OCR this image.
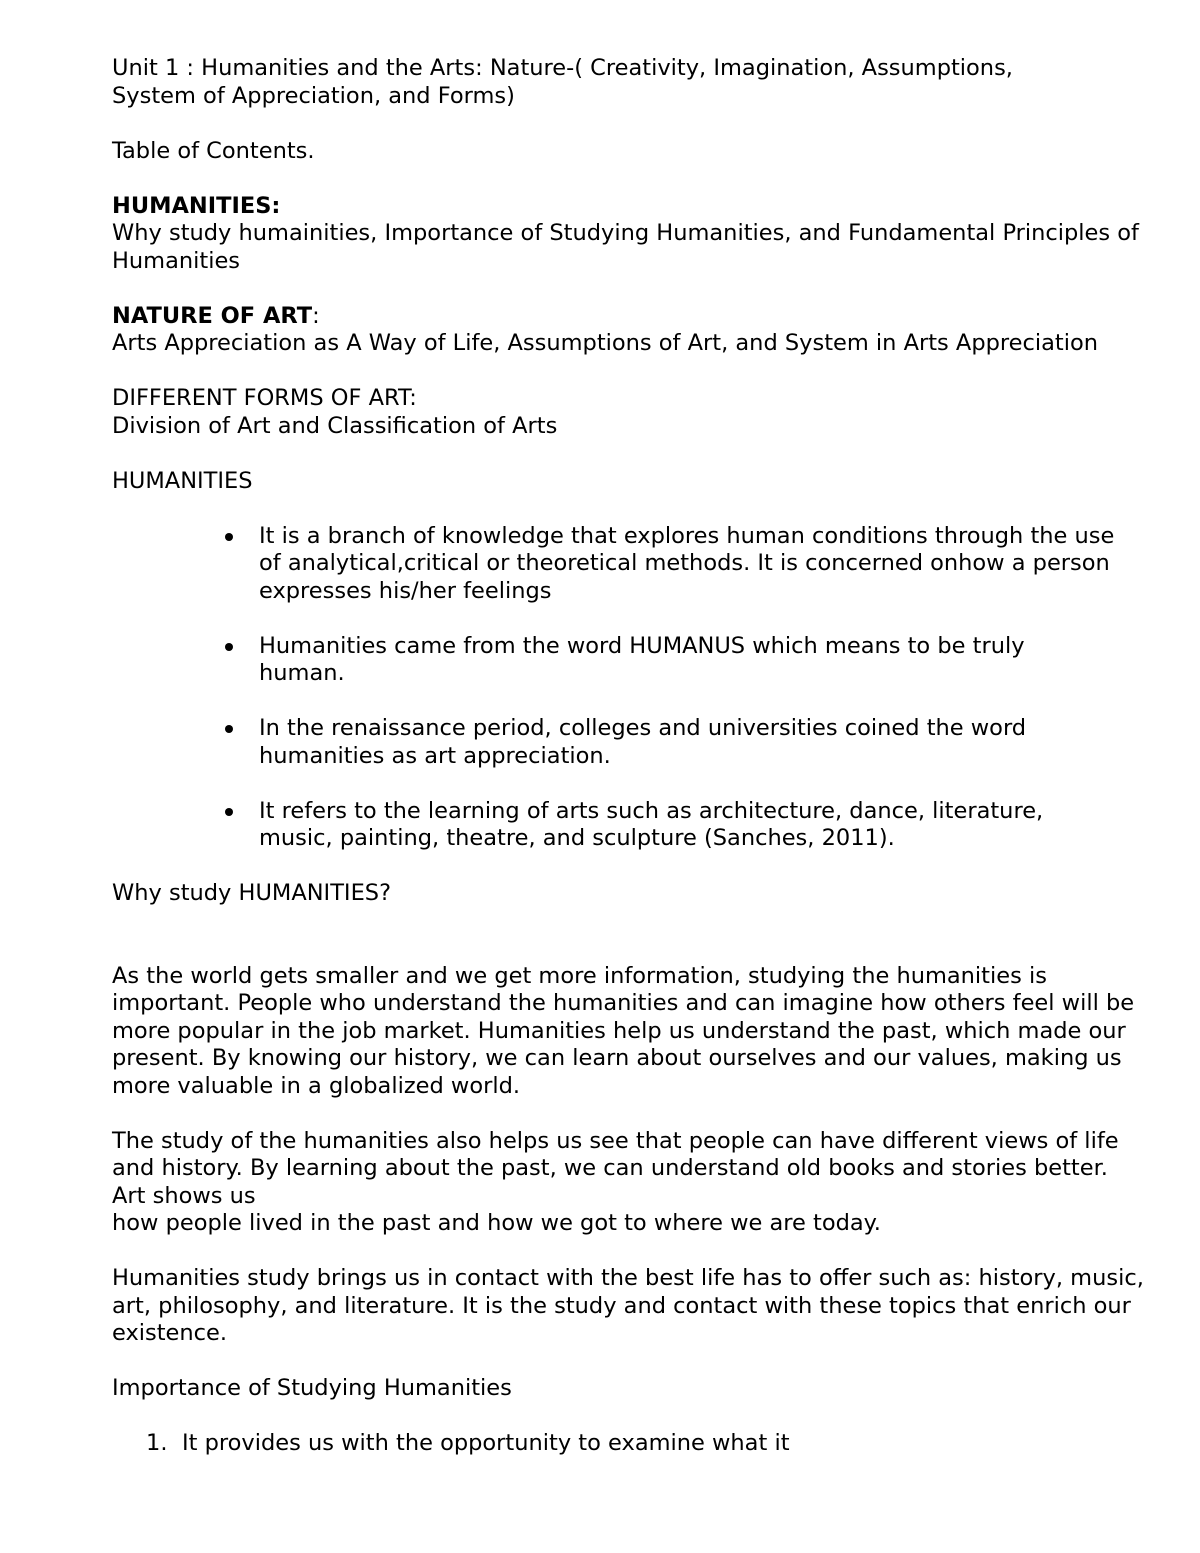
Unit 1 : Humanities and the Arts: Nature-( Creativity, Imagination, Assumptions,
System of Appreciation, and Forms)

Table of Contents.

HUMANITIES:
Why study humainities, Importance of Studying Humanities, and Fundamental Principles of Humanities

NATURE OF ART:
Arts Appreciation as A Way of Life, Assumptions of Art, and System in Arts Appreciation

DIFFERENT FORMS OF ART:
Division of Art and Classification of Arts

HUMANITIES

It is a branch of knowledge that explores human conditions through the use of analytical,critical or theoretical methods. It is concerned onhow a person expresses his/her feelings
Humanities came from the word HUMANUS which means to be truly human.
In the renaissance period, colleges and universities coined the word humanities as art appreciation.
It refers to the learning of arts such as architecture, dance, literature, music, painting, theatre, and sculpture (Sanches, 2011).

Why study HUMANITIES?

As the world gets smaller and we get more information, studying the humanities is important. People who understand the humanities and can imagine how others feel will be more popular in the job market. Humanities help us understand the past, which made our present. By knowing our history, we can learn about ourselves and our values, making us more valuable in a globalized world.

The study of the humanities also helps us see that people can have different views of life and history. By learning about the past, we can understand old books and stories better. Art shows us
how people lived in the past and how we got to where we are today.

Humanities study brings us in contact with the best life has to offer such as: history, music, art, philosophy, and literature. It is the study and contact with these topics that enrich our existence.

Importance of Studying Humanities

1. It provides us with the opportunity to examine what it
